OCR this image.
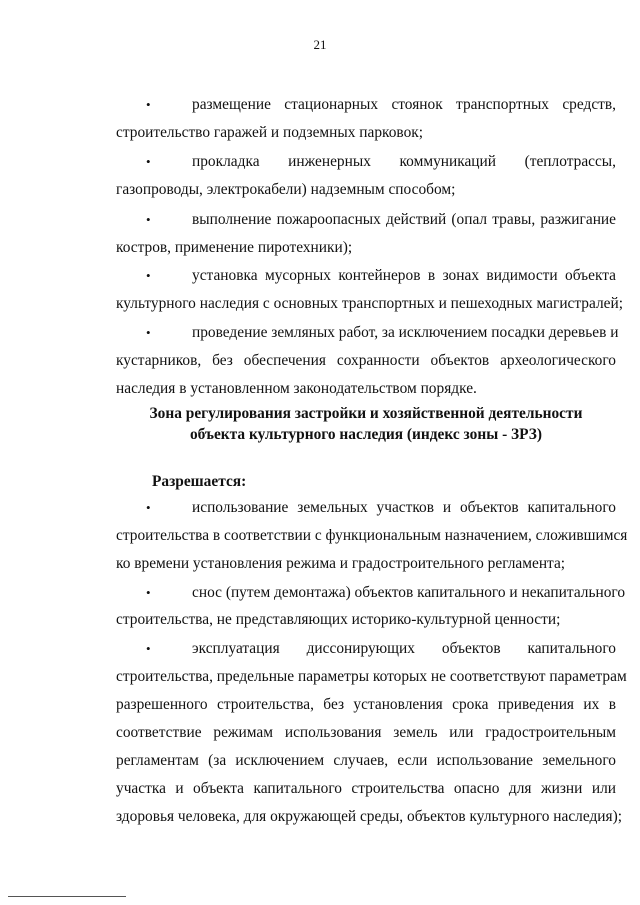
21
•	размещение стационарных стоянок транспортных средств,
строительство гаражей и подземных парковок;
•	прокладка инженерных коммуникаций (теплотрассы,
газопроводы, электрокабели) надземным способом;
•	выполнение пожароопасных действий (опал травы, разжигание
костров, применение пиротехники);
•	установка мусорных контейнеров в зонах видимости объекта
культурного наследия с основных транспортных и пешеходных магистралей;
•	проведение земляных работ, за исключением посадки деревьев и
кустарников, без обеспечения сохранности объектов археологического
наследия в установленном законодательством порядке.
Зона регулирования застройки и хозяйственной деятельности
объекта культурного наследия (индекс зоны - ЗРЗ)
Разрешается:
•	использование земельных участков и объектов капитального
строительства в соответствии с функциональным назначением, сложившимся
ко времени установления режима и градостроительного регламента;
•	снос (путем демонтажа) объектов капитального и некапитального
строительства, не представляющих историко-культурной ценности;
•	эксплуатация диссонирующих объектов капитального
строительства, предельные параметры которых не соответствуют параметрам
разрешенного строительства, без установления срока приведения их в
соответствие режимам использования земель или градостроительным
регламентам (за исключением случаев, если использование земельного
участка и объекта капитального строительства опасно для жизни или
здоровья человека, для окружающей среды, объектов культурного наследия);
